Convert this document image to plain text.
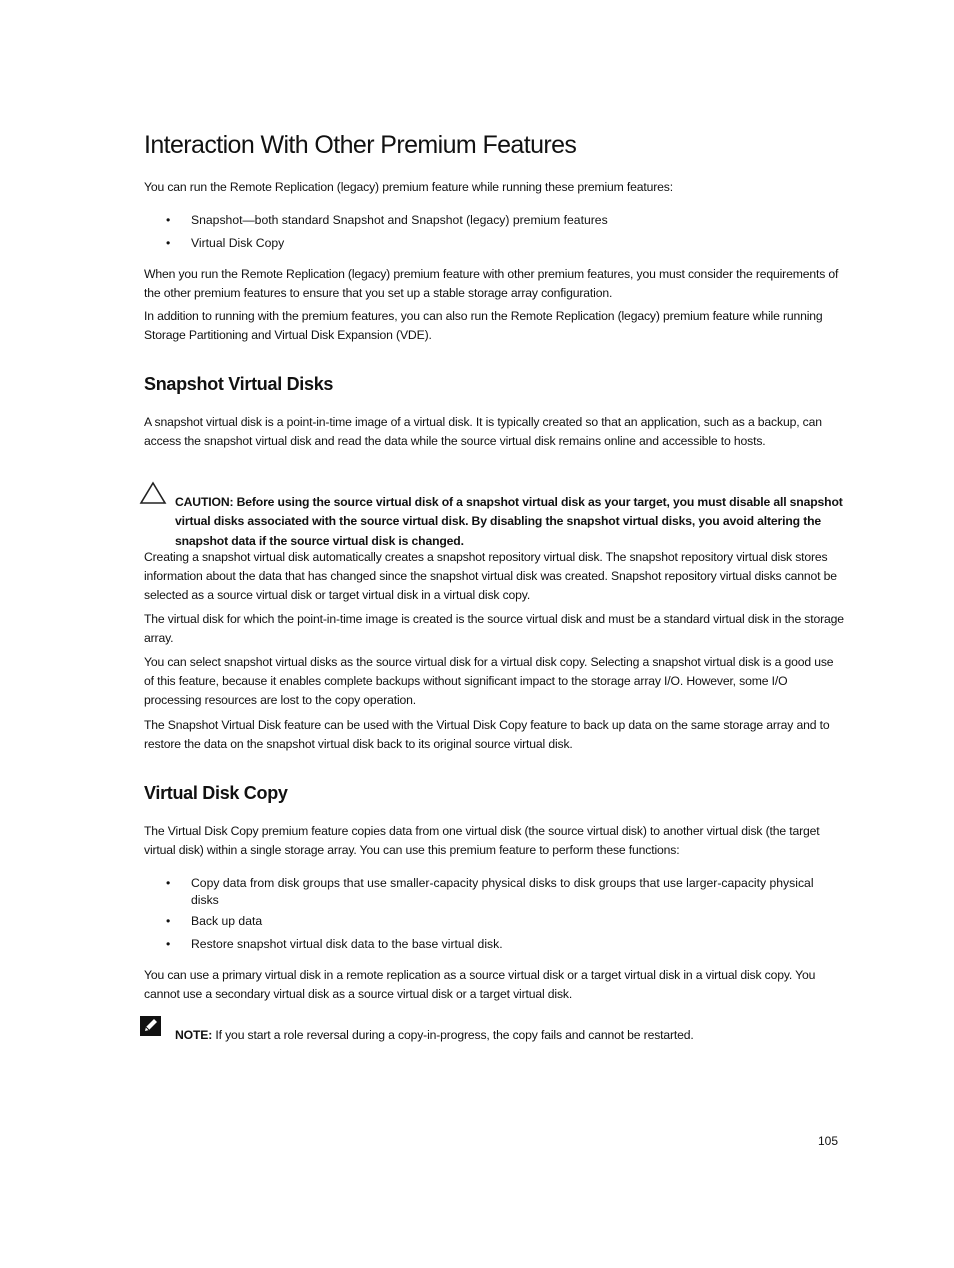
Interaction With Other Premium Features

You can run the Remote Replication (legacy) premium feature while running these premium features:

• Snapshot—both standard Snapshot and Snapshot (legacy) premium features
• Virtual Disk Copy

When you run the Remote Replication (legacy) premium feature with other premium features, you must consider the requirements of the other premium features to ensure that you set up a stable storage array configuration.

In addition to running with the premium features, you can also run the Remote Replication (legacy) premium feature while running Storage Partitioning and Virtual Disk Expansion (VDE).

Snapshot Virtual Disks

A snapshot virtual disk is a point-in-time image of a virtual disk. It is typically created so that an application, such as a backup, can access the snapshot virtual disk and read the data while the source virtual disk remains online and accessible to hosts.

CAUTION: Before using the source virtual disk of a snapshot virtual disk as your target, you must disable all snapshot virtual disks associated with the source virtual disk. By disabling the snapshot virtual disks, you avoid altering the snapshot data if the source virtual disk is changed.

Creating a snapshot virtual disk automatically creates a snapshot repository virtual disk. The snapshot repository virtual disk stores information about the data that has changed since the snapshot virtual disk was created. Snapshot repository virtual disks cannot be selected as a source virtual disk or target virtual disk in a virtual disk copy.

The virtual disk for which the point-in-time image is created is the source virtual disk and must be a standard virtual disk in the storage array.

You can select snapshot virtual disks as the source virtual disk for a virtual disk copy. Selecting a snapshot virtual disk is a good use of this feature, because it enables complete backups without significant impact to the storage array I/O. However, some I/O processing resources are lost to the copy operation.

The Snapshot Virtual Disk feature can be used with the Virtual Disk Copy feature to back up data on the same storage array and to restore the data on the snapshot virtual disk back to its original source virtual disk.

Virtual Disk Copy

The Virtual Disk Copy premium feature copies data from one virtual disk (the source virtual disk) to another virtual disk (the target virtual disk) within a single storage array. You can use this premium feature to perform these functions:

• Copy data from disk groups that use smaller-capacity physical disks to disk groups that use larger-capacity physical disks
• Back up data
• Restore snapshot virtual disk data to the base virtual disk.

You can use a primary virtual disk in a remote replication as a source virtual disk or a target virtual disk in a virtual disk copy. You cannot use a secondary virtual disk as a source virtual disk or a target virtual disk.

NOTE: If you start a role reversal during a copy-in-progress, the copy fails and cannot be restarted.

105
